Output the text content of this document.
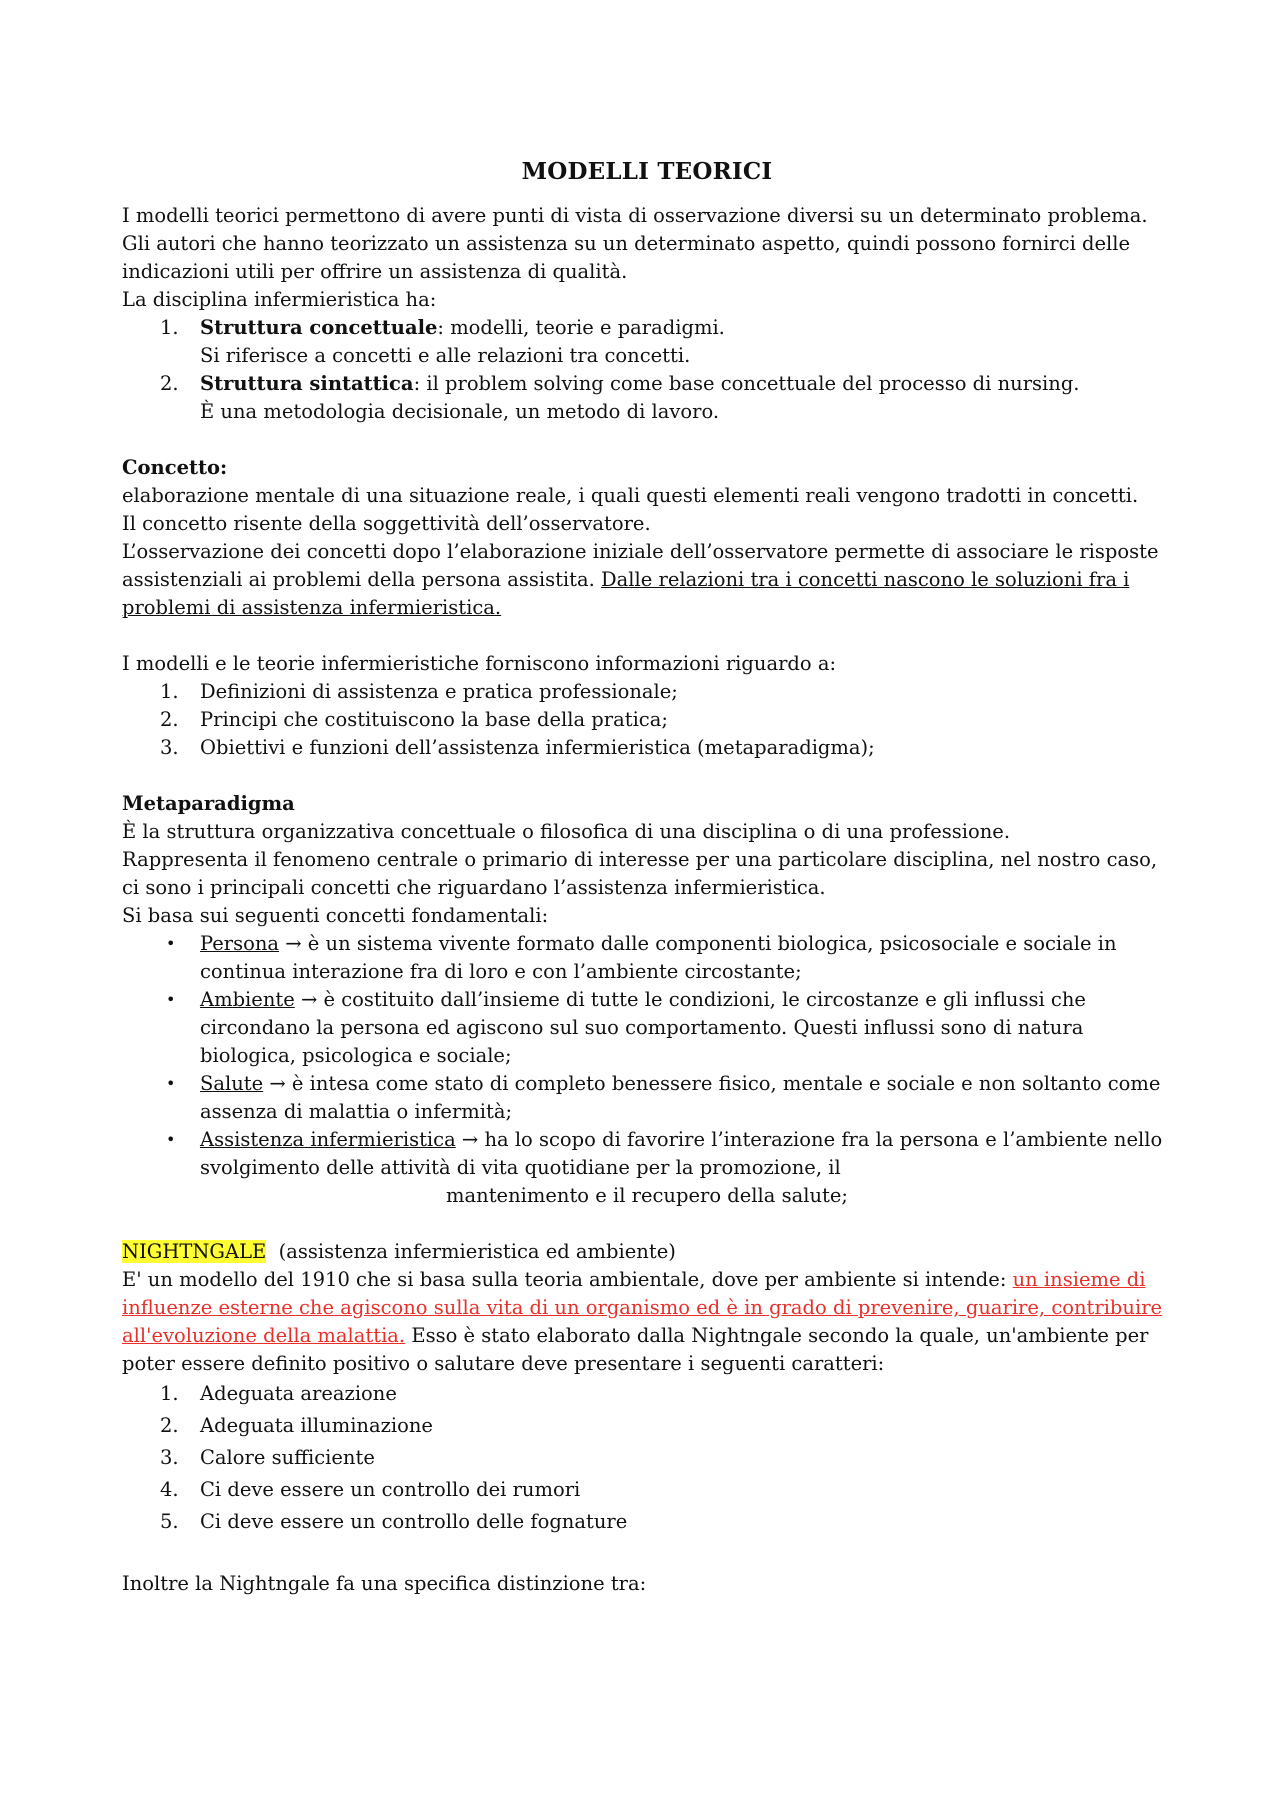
MODELLI TEORICI

I modelli teorici permettono di avere punti di vista di osservazione diversi su un determinato problema.

Gli autori che hanno teorizzato un assistenza su un determinato aspetto, quindi possono fornirci delle indicazioni utili per offrire un assistenza di qualità.

La disciplina infermieristica ha:

1. Struttura concettuale: modelli, teorie e paradigmi.
Si riferisce a concetti e alle relazioni tra concetti.
2. Struttura sintattica: il problem solving come base concettuale del processo di nursing.
È una metodologia decisionale, un metodo di lavoro.

Concetto:

elaborazione mentale di una situazione reale, i quali questi elementi reali vengono tradotti in concetti.

Il concetto risente della soggettività dell’osservatore.

L’osservazione dei concetti dopo l’elaborazione iniziale dell’osservatore permette di associare le risposte assistenziali ai problemi della persona assistita. Dalle relazioni tra i concetti nascono le soluzioni fra i problemi di assistenza infermieristica.

I modelli e le teorie infermieristiche forniscono informazioni riguardo a:

1. Definizioni di assistenza e pratica professionale;
2. Principi che costituiscono la base della pratica;
3. Obiettivi e funzioni dell’assistenza infermieristica (metaparadigma);

Metaparadigma

È la struttura organizzativa concettuale o filosofica di una disciplina o di una professione.

Rappresenta il fenomeno centrale o primario di interesse per una particolare disciplina, nel nostro caso, ci sono i principali concetti che riguardano l’assistenza infermieristica.

Si basa sui seguenti concetti fondamentali:

• Persona → è un sistema vivente formato dalle componenti biologica, psicosociale e sociale in continua interazione fra di loro e con l’ambiente circostante;
• Ambiente → è costituito dall’insieme di tutte le condizioni, le circostanze e gli influssi che circondano la persona ed agiscono sul suo comportamento. Questi influssi sono di natura biologica, psicologica e sociale;
• Salute → è intesa come stato di completo benessere fisico, mentale e sociale e non soltanto come assenza di malattia o infermità;
• Assistenza infermieristica → ha lo scopo di favorire l’interazione fra la persona e l’ambiente nello svolgimento delle attività di vita quotidiane per la promozione, il
mantenimento e il recupero della salute;

NIGHTNGALE  (assistenza infermieristica ed ambiente)

E' un modello del 1910 che si basa sulla teoria ambientale, dove per ambiente si intende: un insieme di influenze esterne che agiscono sulla vita di un organismo ed è in grado di prevenire, guarire, contribuire all'evoluzione della malattia. Esso è stato elaborato dalla Nightngale secondo la quale, un'ambiente per poter essere definito positivo o salutare deve presentare i seguenti caratteri:

1. Adeguata areazione
2. Adeguata illuminazione
3. Calore sufficiente
4. Ci deve essere un controllo dei rumori
5. Ci deve essere un controllo delle fognature

Inoltre la Nightngale fa una specifica distinzione tra:
